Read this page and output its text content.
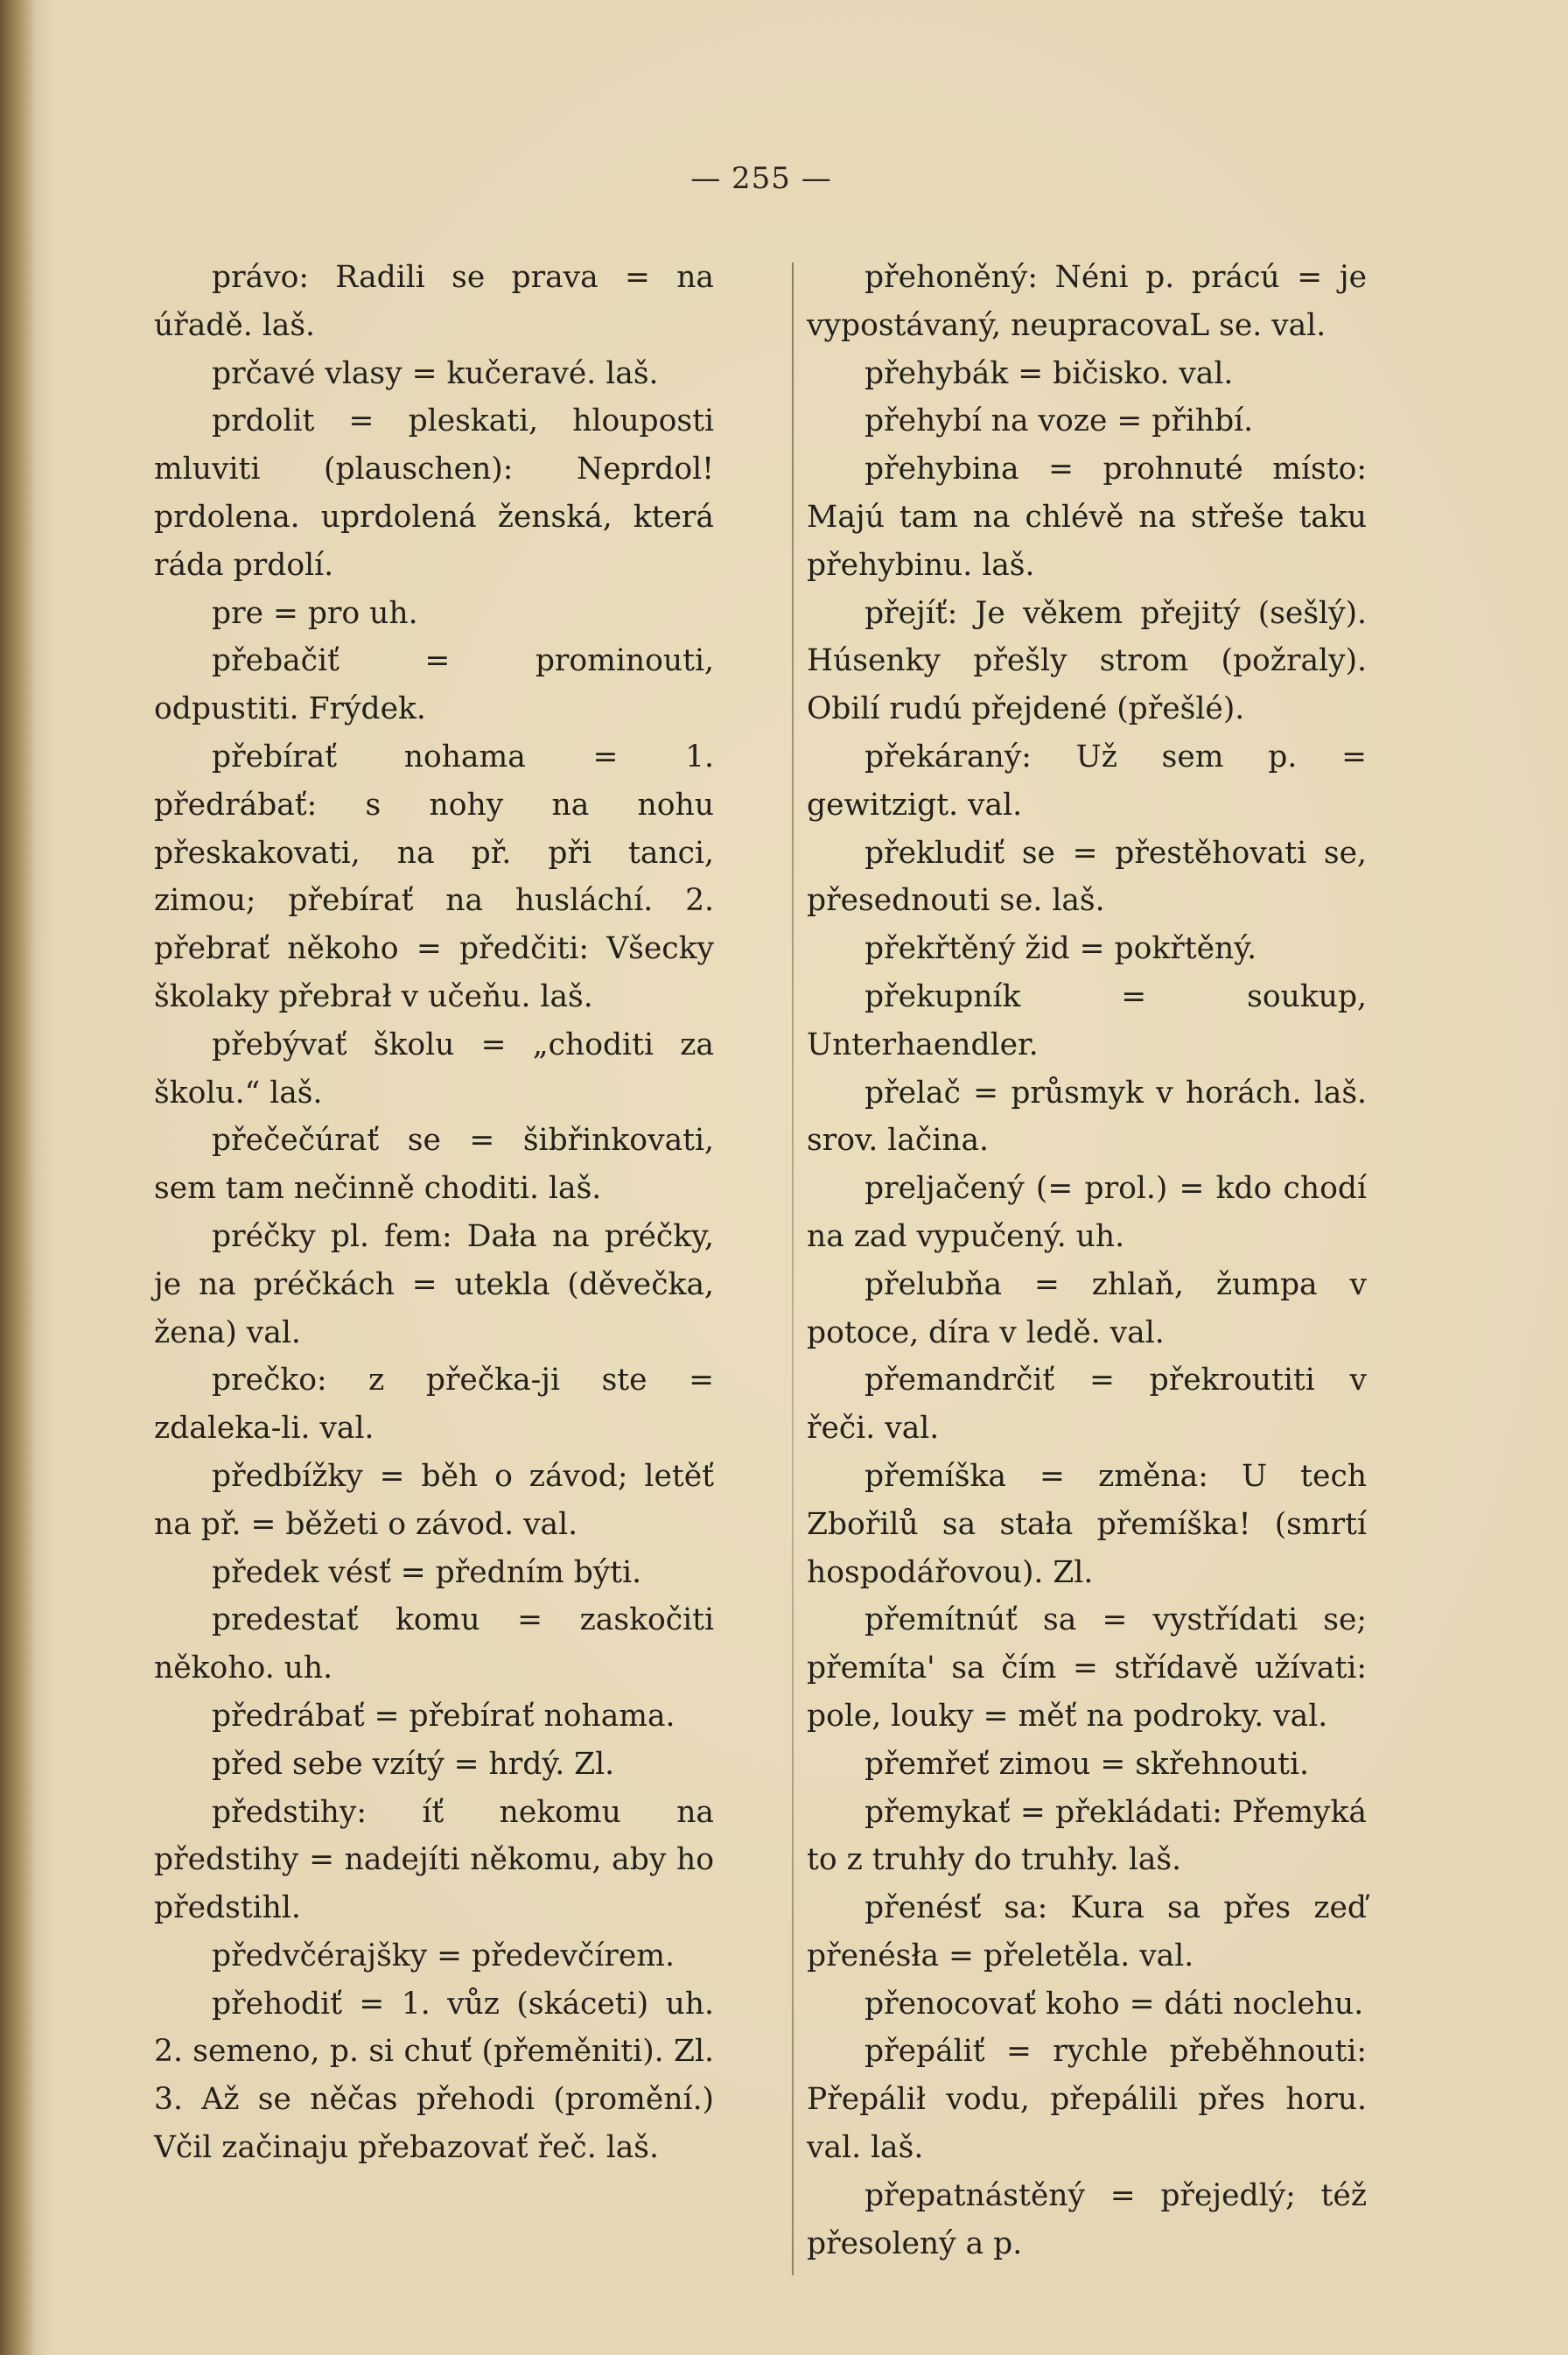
— 255 —

právo: Radili se prava = na úřadě. laš.

prčavé vlasy = kučeravé. laš.

prdolit = pleskati, hlouposti mluviti (plauschen): Neprdol! prdolena. uprdolená ženská, která ráda prdolí.

pre = pro uh.

přebačiť = prominouti, odpustiti. Frýdek.

přebírať nohama = 1. předrábať: s nohy na nohu přeskakovati, na př. při tanci, zimou; přebírať na husláchí. 2. přebrať někoho = předčiti: Všecky školaky přebrał v učeňu. laš.

přebývať školu = „choditi za školu.“ laš.

přečečúrať se = šibřinkovati, sem tam nečinně choditi. laš.

préčky pl. fem: Dała na préčky, je na préčkách = utekla (děvečka, žena) val.

prečko: z přečka-ji ste = zdaleka-li. val.

předbížky = běh o závod; letěť na př. = běžeti o závod. val.

předek vésť = předním býti.

predestať komu = zaskočiti někoho. uh.

předrábať = přebírať nohama.

před sebe vzítý = hrdý. Zl.

předstihy: íť nekomu na předstihy = nadejíti někomu, aby ho předstihl.

předvčérajšky = předevčírem.

přehodiť = 1. vůz (skáceti) uh. 2. semeno, p. si chuť (přeměniti). Zl. 3. Až se něčas přehodi (promění.) Včil začinaju přebazovať řeč. laš.

přehoněný: Néni p. prácú = je vypostávaný, neupracovaL se. val.

přehybák = bičisko. val.

přehybí na voze = přihbí.

přehybina = prohnuté místo: Majú tam na chlévě na střeše taku přehybinu. laš.

přejíť: Je věkem přejitý (sešlý). Húsenky přešly strom (požraly). Obilí rudú přejdené (přešlé).

překáraný: Už sem p. = gewitzigt. val.

překludiť se = přestěhovati se, přesednouti se. laš.

překřtěný žid = pokřtěný.

překupník = soukup, Unterhaendler.

přelač = průsmyk v horách. laš. srov. lačina.

preljačený (= prol.) = kdo chodí na zad vypučený. uh.

přelubňa = zhlaň, žumpa v potoce, díra v ledě. val.

přemandrčiť = překroutiti v řeči. val.

přemíška = změna: U tech Zbořilů sa stała přemíška! (smrtí hospodářovou). Zl.

přemítnúť sa = vystřídati se; přemíta' sa čím = střídavě užívati: pole, louky = měť na podroky. val.

přemřeť zimou = skřehnouti.

přemykať = překládati: Přemyká to z truhły do truhły. laš.

přenésť sa: Kura sa přes zeď přenésła = přeletěla. val.

přenocovať koho = dáti noclehu.

přepáliť = rychle přeběhnouti: Přepálił vodu, přepálili přes horu. val. laš.

přepatnástěný = přejedlý; též přesolený a p.
